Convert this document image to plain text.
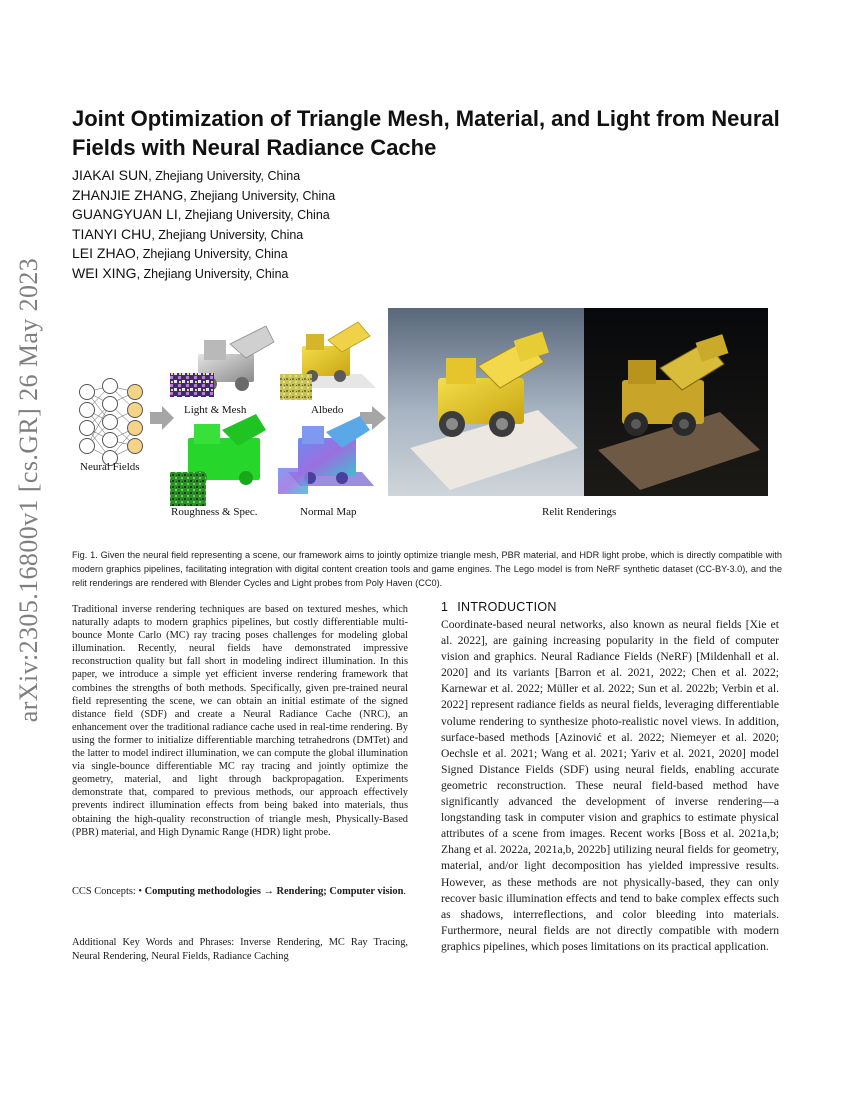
arXiv:2305.16800v1 [cs.GR] 26 May 2023
Joint Optimization of Triangle Mesh, Material, and Light from Neural Fields with Neural Radiance Cache
JIAKAI SUN, Zhejiang University, China
ZHANJIE ZHANG, Zhejiang University, China
GUANGYUAN LI, Zhejiang University, China
TIANYI CHU, Zhejiang University, China
LEI ZHAO, Zhejiang University, China
WEI XING, Zhejiang University, China
Neural Fields
Light & Mesh	Albedo
Roughness & Spec.	Normal Map	Relit Renderings

Fig. 1. Given the neural field representing a scene, our framework aims to jointly optimize triangle mesh, PBR material, and HDR light probe, which is directly compatible with modern graphics pipelines, facilitating integration with digital content creation tools and game engines. The Lego model is from NeRF synthetic dataset (CC-BY-3.0), and the relit renderings are rendered with Blender Cycles and Light probes from Poly Haven (CC0).

Traditional inverse rendering techniques are based on textured meshes, which naturally adapts to modern graphics pipelines, but costly differentiable multi-bounce Monte Carlo (MC) ray tracing poses challenges for modeling global illumination. Recently, neural fields have demonstrated impressive reconstruction quality but fall short in modeling indirect illumination. In this paper, we introduce a simple yet efficient inverse rendering framework that combines the strengths of both methods. Specifically, given pre-trained neural field representing the scene, we can obtain an initial estimate of the signed distance field (SDF) and create a Neural Radiance Cache (NRC), an enhancement over the traditional radiance cache used in real-time rendering. By using the former to initialize differentiable marching tetrahedrons (DMTet) and the latter to model indirect illumination, we can compute the global illumination via single-bounce differentiable MC ray tracing and jointly optimize the geometry, material, and light through backpropagation. Experiments demonstrate that, compared to previous methods, our approach effectively prevents indirect illumination effects from being baked into materials, thus obtaining the high-quality reconstruction of triangle mesh, Physically-Based (PBR) material, and High Dynamic Range (HDR) light probe.

CCS Concepts: • Computing methodologies → Rendering; Computer vision.

Additional Key Words and Phrases: Inverse Rendering, MC Ray Tracing, Neural Rendering, Neural Fields, Radiance Caching

1 INTRODUCTION

Coordinate-based neural networks, also known as neural fields [Xie et al. 2022], are gaining increasing popularity in the field of computer vision and graphics. Neural Radiance Fields (NeRF) [Mildenhall et al. 2020] and its variants [Barron et al. 2021, 2022; Chen et al. 2022; Karnewar et al. 2022; Müller et al. 2022; Sun et al. 2022b; Verbin et al. 2022] represent radiance fields as neural fields, leveraging differentiable volume rendering to synthesize photo-realistic novel views. In addition, surface-based methods [Azinović et al. 2022; Niemeyer et al. 2020; Oechsle et al. 2021; Wang et al. 2021; Yariv et al. 2021, 2020] model Signed Distance Fields (SDF) using neural fields, enabling accurate geometric reconstruction. These neural field-based method have significantly advanced the development of inverse rendering—a longstanding task in computer vision and graphics to estimate physical attributes of a scene from images. Recent works [Boss et al. 2021a,b; Zhang et al. 2022a, 2021a,b, 2022b] utilizing neural fields for geometry, material, and/or light decomposition has yielded impressive results. However, as these methods are not physically-based, they can only recover basic illumination effects and tend to bake complex effects such as shadows, interreflections, and color bleeding into materials. Furthermore, neural fields are not directly compatible with modern graphics pipelines, which poses limitations on its practical application.
